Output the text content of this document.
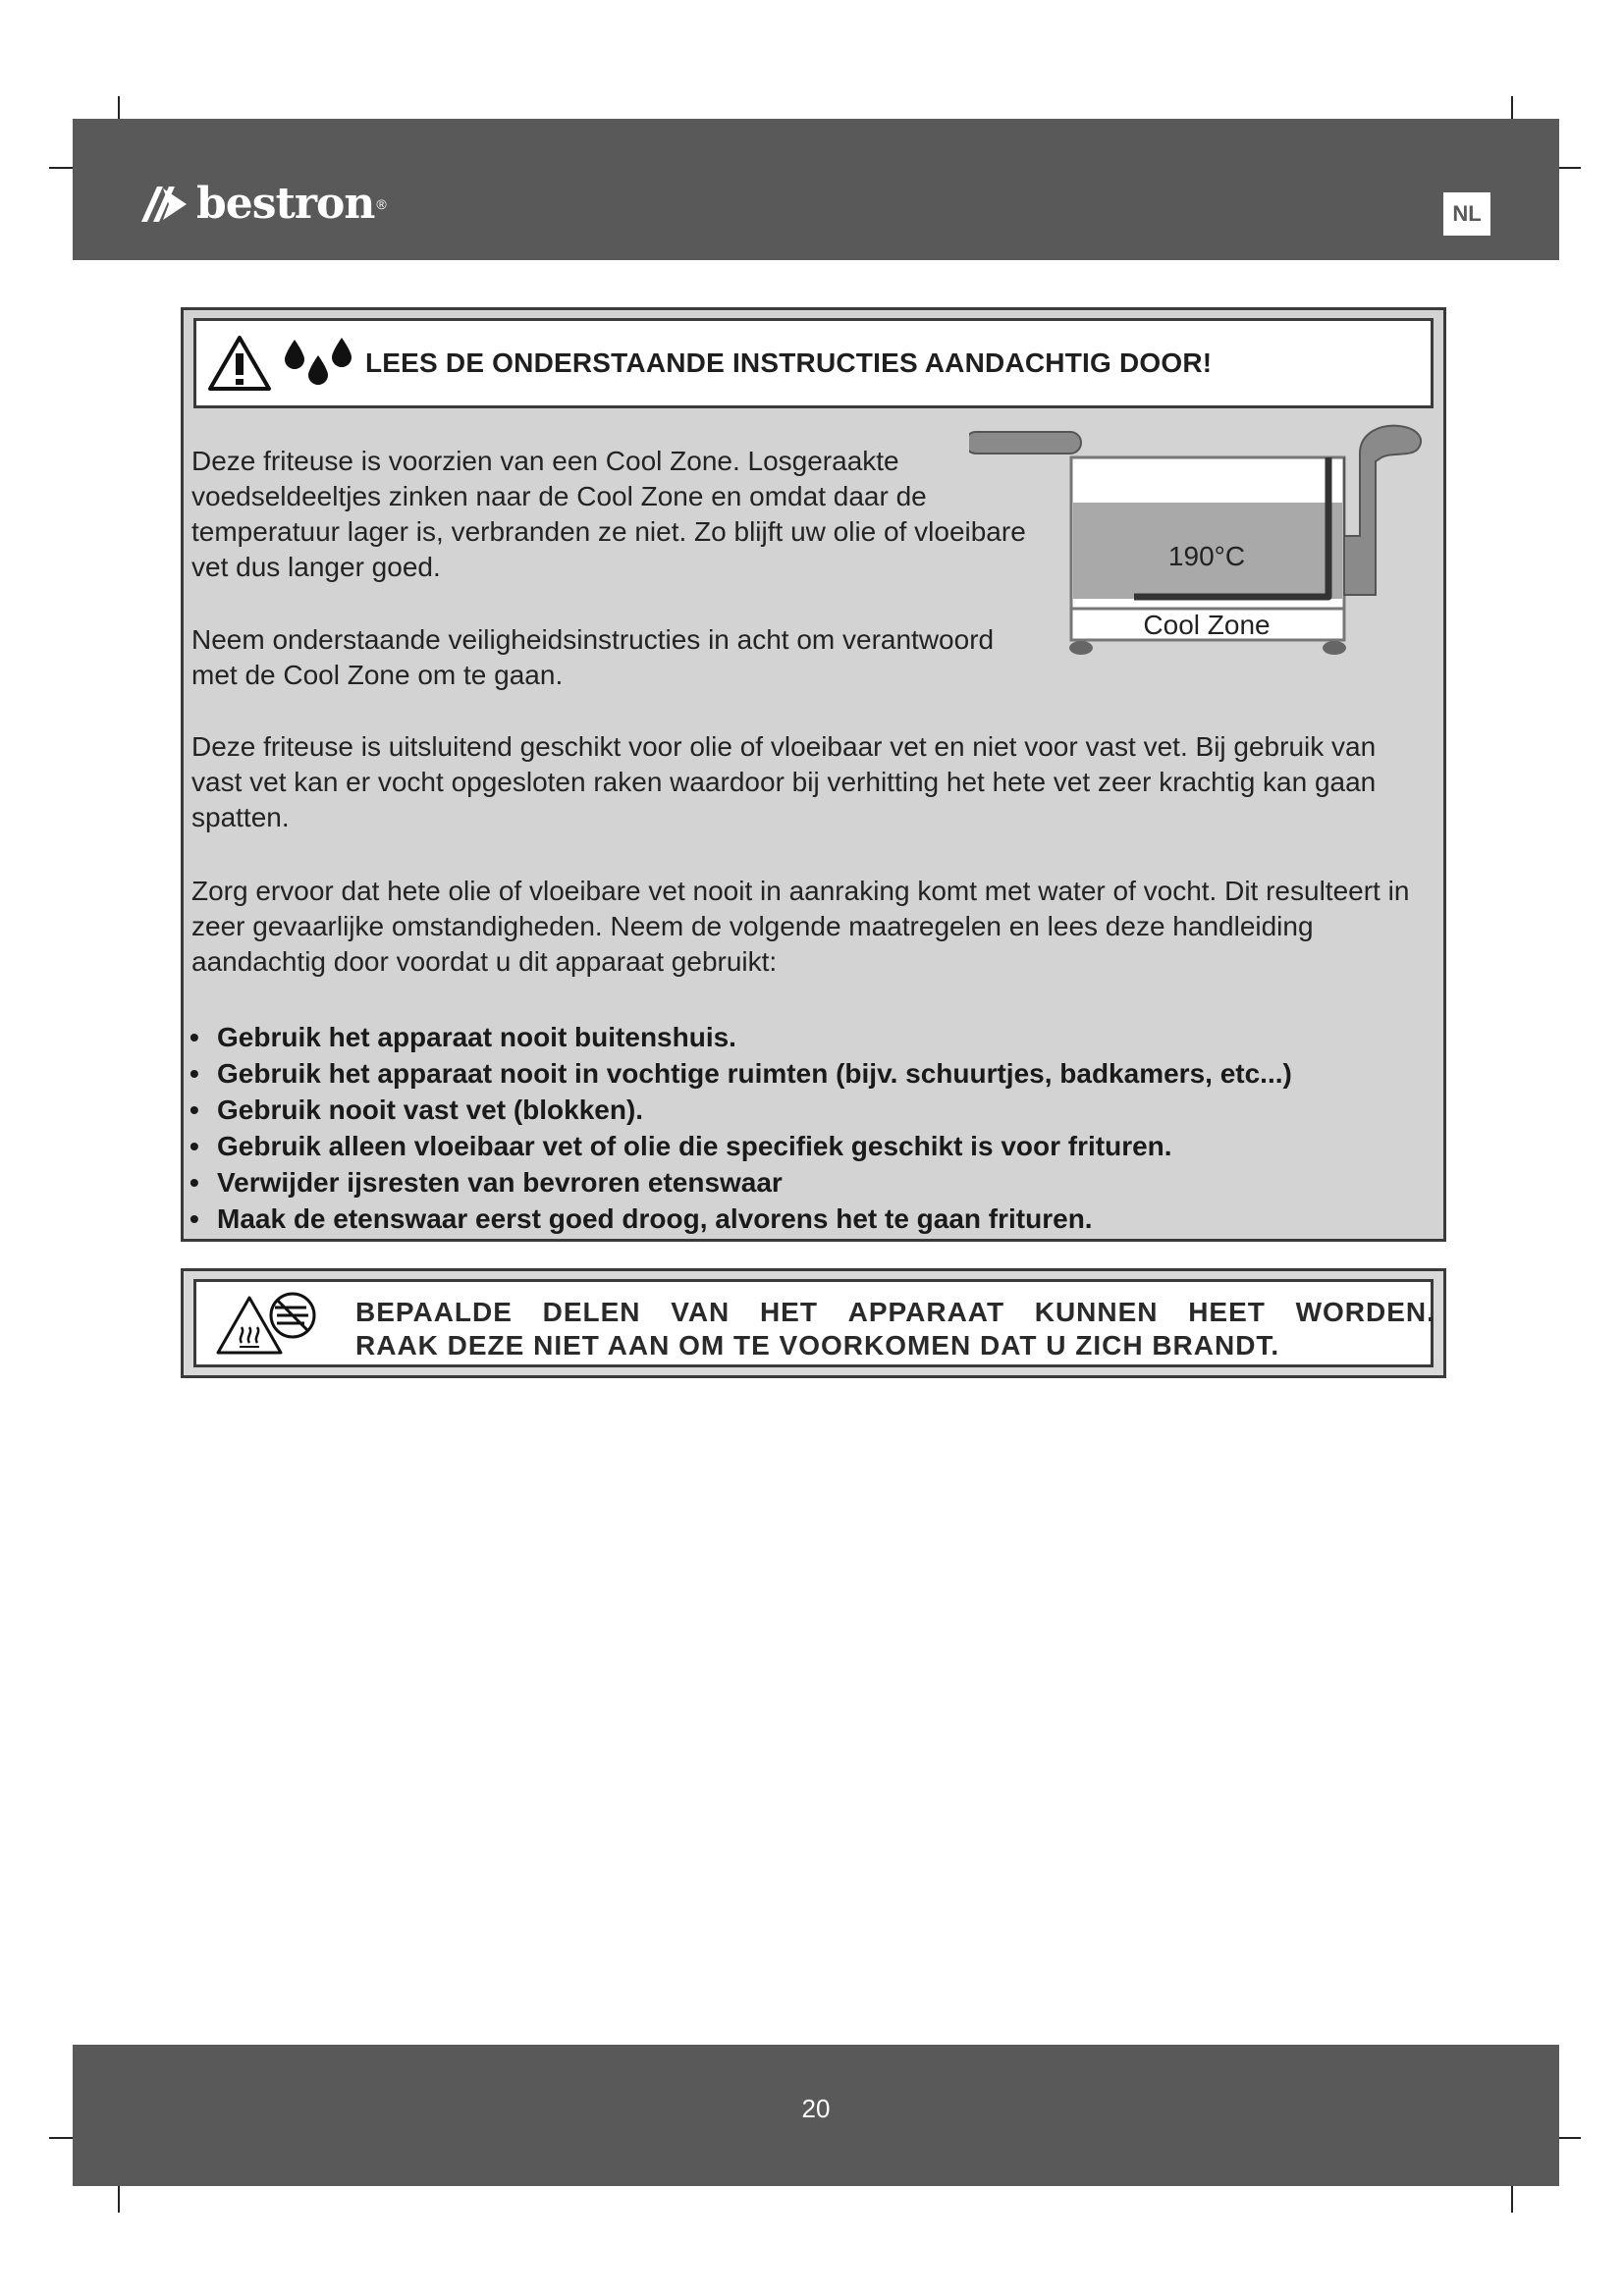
bestron ®	NL
LEES DE ONDERSTAANDE INSTRUCTIES AANDACHTIG DOOR!
Deze friteuse is voorzien van een Cool Zone. Losgeraakte voedseldeeltjes zinken naar de Cool Zone en omdat daar de temperatuur lager is, verbranden ze niet. Zo blijft uw olie of vloeibare vet dus langer goed.
Neem onderstaande veiligheidsinstructies in acht om verantwoord met de Cool Zone om te gaan.
Deze friteuse is uitsluitend geschikt voor olie of vloeibaar vet en niet voor vast vet. Bij gebruik van vast vet kan er vocht opgesloten raken waardoor bij verhitting het hete vet zeer krachtig kan gaan spatten.
Zorg ervoor dat hete olie of vloeibare vet nooit in aanraking komt met water of vocht. Dit resulteert in zeer gevaarlijke omstandigheden. Neem de volgende maatregelen en lees deze handleiding aandachtig door voordat u dit apparaat gebruikt:
• Gebruik het apparaat nooit buitenshuis.
• Gebruik het apparaat nooit in vochtige ruimten (bijv. schuurtjes, badkamers, etc...)
• Gebruik nooit vast vet (blokken).
• Gebruik alleen vloeibaar vet of olie die specifiek geschikt is voor frituren.
• Verwijder ijsresten van bevroren etenswaar
• Maak de etenswaar eerst goed droog, alvorens het te gaan frituren.
190°C
Cool Zone
BEPAALDE DELEN VAN HET APPARAAT KUNNEN HEET WORDEN.
RAAK DEZE NIET AAN OM TE VOORKOMEN DAT U ZICH BRANDT.
20
